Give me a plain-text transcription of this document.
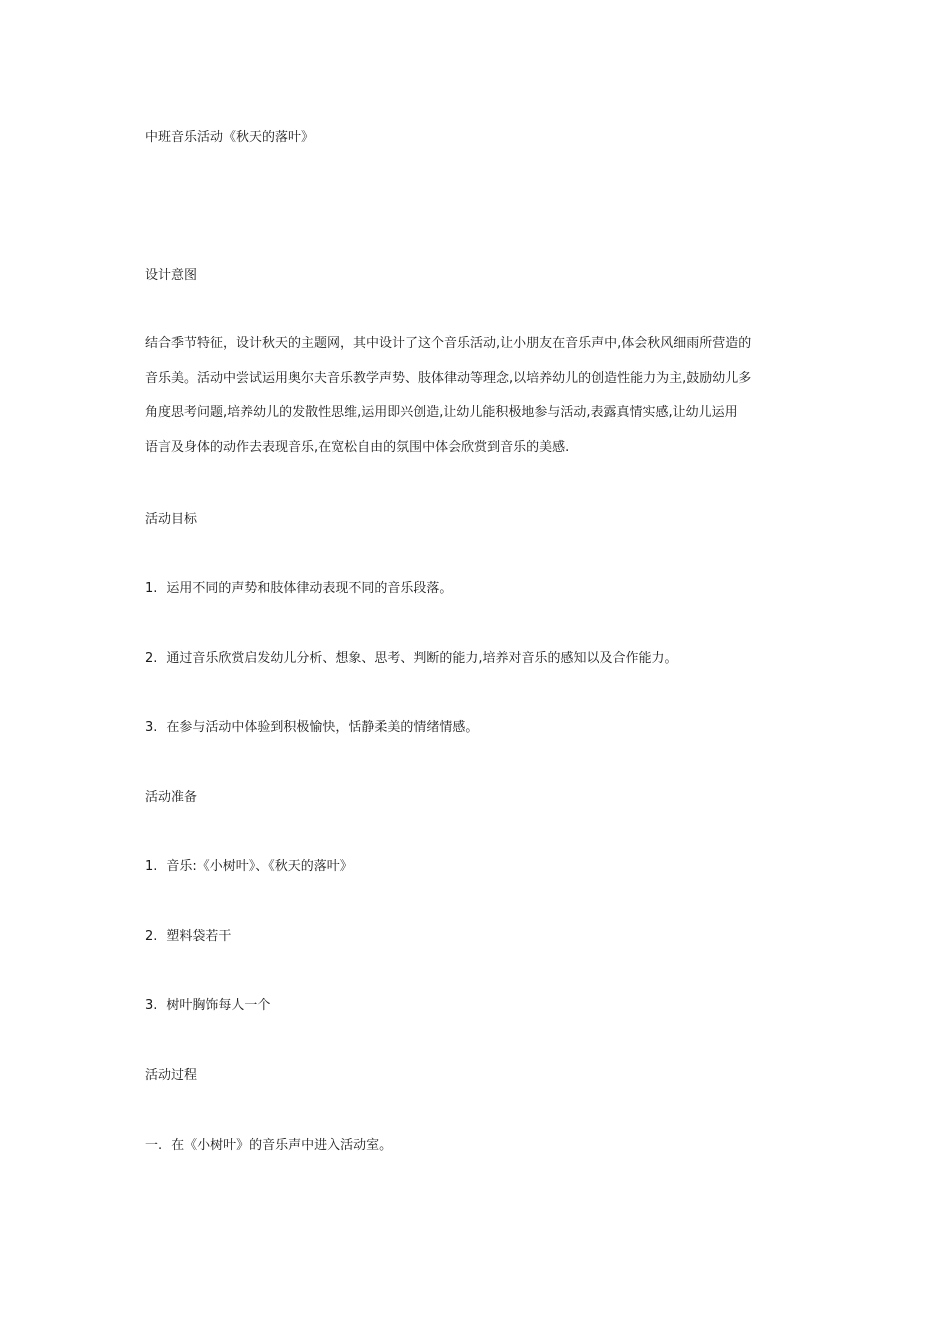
中班音乐活动《秋天的落叶》

设计意图

结合季节特征，设计秋天的主题网，其中设计了这个音乐活动,让小朋友在音乐声中,体会秋风细雨所营造的
音乐美。活动中尝试运用奥尔夫音乐教学声势、肢体律动等理念,以培养幼儿的创造性能力为主,鼓励幼儿多
角度思考问题,培养幼儿的发散性思维,运用即兴创造,让幼儿能积极地参与活动,表露真情实感,让幼儿运用
语言及身体的动作去表现音乐,在宽松自由的氛围中体会欣赏到音乐的美感.

活动目标

1. 运用不同的声势和肢体律动表现不同的音乐段落。

2. 通过音乐欣赏启发幼儿分析、想象、思考、判断的能力,培养对音乐的感知以及合作能力。

3. 在参与活动中体验到积极愉快，恬静柔美的情绪情感。

活动准备

1. 音乐:《小树叶》、《秋天的落叶》

2. 塑料袋若干

3. 树叶胸饰每人一个

活动过程

一. 在《小树叶》的音乐声中进入活动室。
